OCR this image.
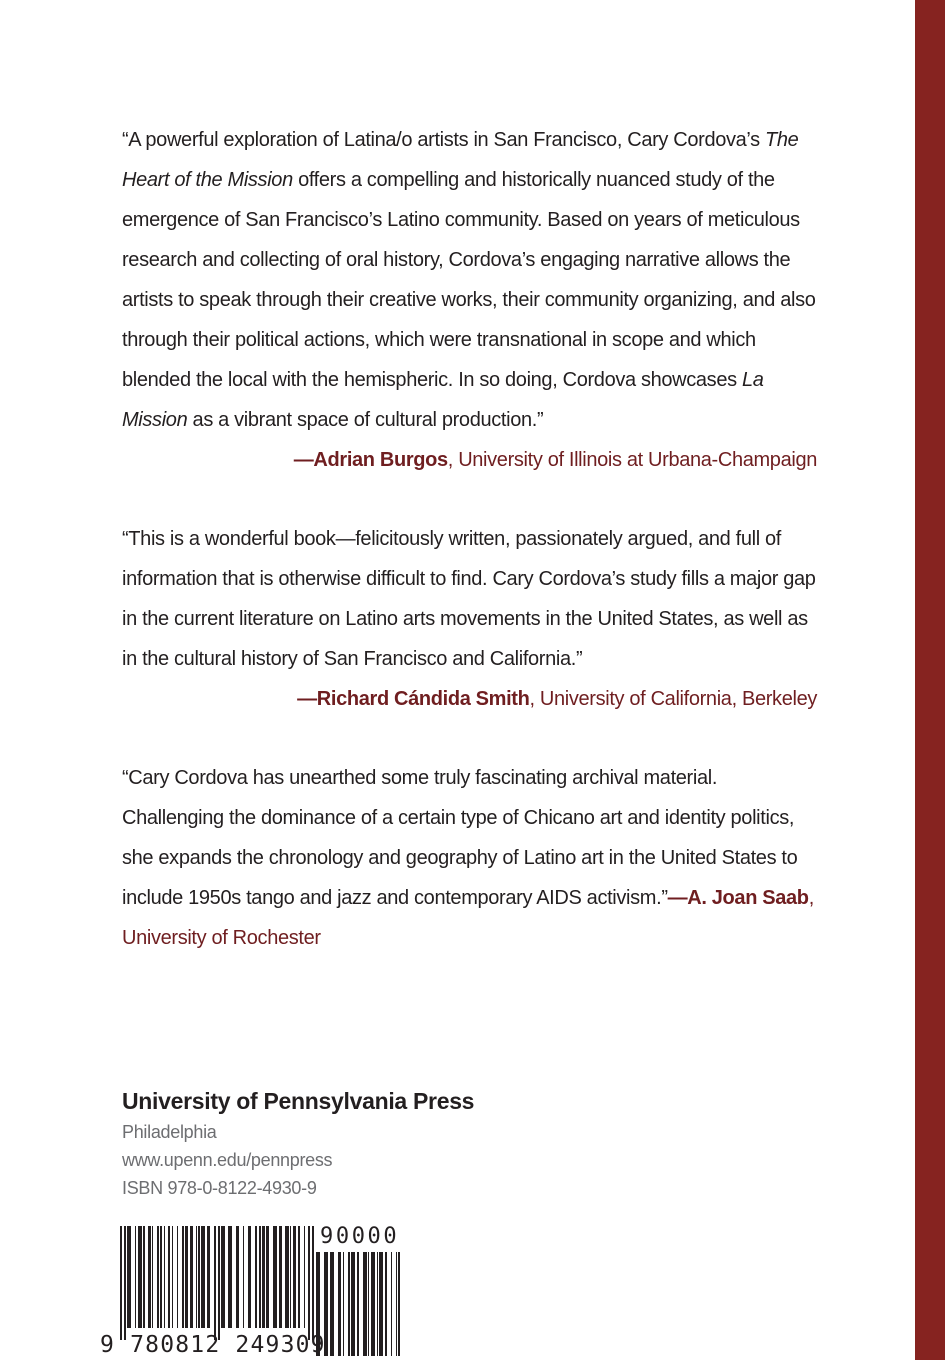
“A powerful exploration of Latina/o artists in San Francisco, Cary Cordova’s The Heart of the Mission offers a compelling and historically nuanced study of the emergence of San Francisco’s Latino community. Based on years of meticulous research and collecting of oral history, Cordova’s engaging narrative allows the artists to speak through their creative works, their community organizing, and also through their political actions, which were transnational in scope and which blended the local with the hemispheric. In so doing, Cordova showcases La Mission as a vibrant space of cultural production.”

—Adrian Burgos, University of Illinois at Urbana-Champaign

“This is a wonderful book—felicitously written, passionately argued, and full of information that is otherwise difficult to find. Cary Cordova’s study fills a major gap in the current literature on Latino arts movements in the United States, as well as in the cultural history of San Francisco and California.”

—Richard Cándida Smith, University of California, Berkeley

“Cary Cordova has unearthed some truly fascinating archival material. Challenging the dominance of a certain type of Chicano art and identity politics, she expands the chronology and geography of Latino art in the United States to include 1950s tango and jazz and contemporary AIDS activism.”—A. Joan Saab, University of Rochester

University of Pennsylvania Press
Philadelphia
www.upenn.edu/pennpress
ISBN 978-0-8122-4930-9
90000
9 780812 249309
